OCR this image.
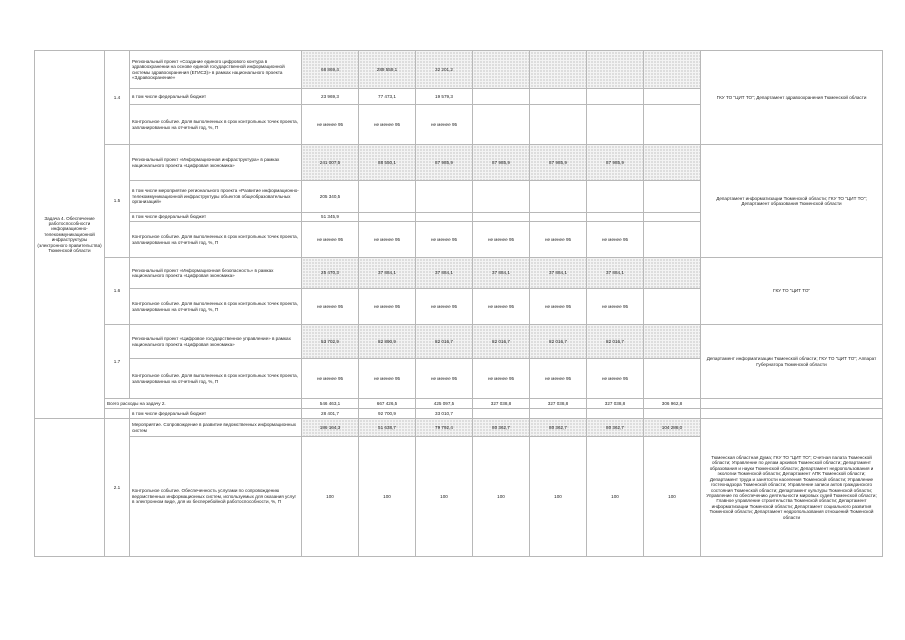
Задача 4. Обеспечение работоспособности информационно-телекоммуникационной инфраструктуры (электронного правительства) Тюменской области	1.4	Региональный проект «Создание единого цифрового контура в здравоохранении на основе единой государственной информационной системы здравоохранения (ЕГИСЗ)» в рамках национального проекта «Здравоохранение»	68 869,4	289 559,1	32 201,2					ГКУ ТО "ЦИТ ТО"; Департамент здравоохранения Тюменской области
		в том числе федеральный бюджет	23 969,3	77 473,1	19 579,3					
		Контрольное событие. Доля выполненных в срок контрольных точек проекта, запланированных на отчетный год, %, П	не менее 95	не менее 95	не менее 95					
	1.5	Региональный проект «Информационная инфраструктура» в рамках национального проекта «Цифровая экономика»	241 007,5	88 550,1	87 985,9	87 985,9	87 985,9	87 985,9		Департамент информатизации Тюменской области; ГКУ ТО "ЦИТ ТО"; Департамент образования Тюменской области
		в том числе мероприятие регионального проекта «Развитие информационно-телекоммуникационной инфраструктуры объектов общеобразовательных организаций»	205 340,5							
		в том числе федеральный бюджет	51 345,9							
		Контрольное событие. Доля выполненных в срок контрольных точек проекта, запланированных на отчетный год, %, П	не менее 95	не менее 95	не менее 95	не менее 95	не менее 95	не менее 95		
	1.6	Региональный проект «Информационная безопасность» в рамках национального проекта «Цифровая экономика»	25 470,3	37 884,1	37 884,1	37 884,1	37 884,1	37 884,1		ГКУ ТО "ЦИТ ТО"
		Контрольное событие. Доля выполненных в срок контрольных точек проекта, запланированных на отчетный год, %, П	не менее 95	не менее 95	не менее 95	не менее 95	не менее 95	не менее 95		
	1.7	Региональный проект «Цифровое государственное управление» в рамках национального проекта «Цифровая экономика»	53 702,9	82 890,9	82 016,7	82 016,7	82 016,7	82 016,7		Департамент информатизации Тюменской области; ГКУ ТО "ЦИТ ТО"; Аппарат Губернатора Тюменской области
		Контрольное событие. Доля выполненных в срок контрольных точек проекта, запланированных на отчетный год, %, П	не менее 95	не менее 95	не менее 95	не менее 95	не менее 95	не менее 95		
	Всего расходы на задачу 2.		546 463,1	667 426,5	425 097,5	327 038,8	327 038,8	327 038,8	306 962,8	
		в том числе федеральный бюджет	28 401,7	92 700,9	33 010,7					
	2.1	Мероприятие. Сопровождение в развитие ведомственных информационных систем	186 164,3	51 638,7	79 792,4	80 362,7	80 362,7	80 362,7	104 288,0	Тюменская областная Дума; ГКУ ТО "ЦИТ ТО"; Счетная палата Тюменской области; Управление по делам архивов Тюменской области; Департамент образования и науки Тюменской области; Департамент недропользования и экологии Тюменской области; Департамент АПК Тюменской области; Департамент труда и занятости населения Тюменской области; Управление гостехнадзора Тюменской области; Управление записи актов гражданского состояния Тюменской области; Департамент культуры Тюменской области; Управление по обеспечению деятельности мировых судей Тюменской области; Главное управление строительства Тюменской области; Департамент информатизации Тюменской области; Департамент социального развития Тюменской области; Департамент недропользования отношений Тюменской области
		Контрольное событие. Обеспеченность услугами по сопровождению ведомственных информационных систем, используемых для оказания услуг в электронном виде, для их бесперебойной работоспособности, %, П	100	100	100	100	100	100	100	
